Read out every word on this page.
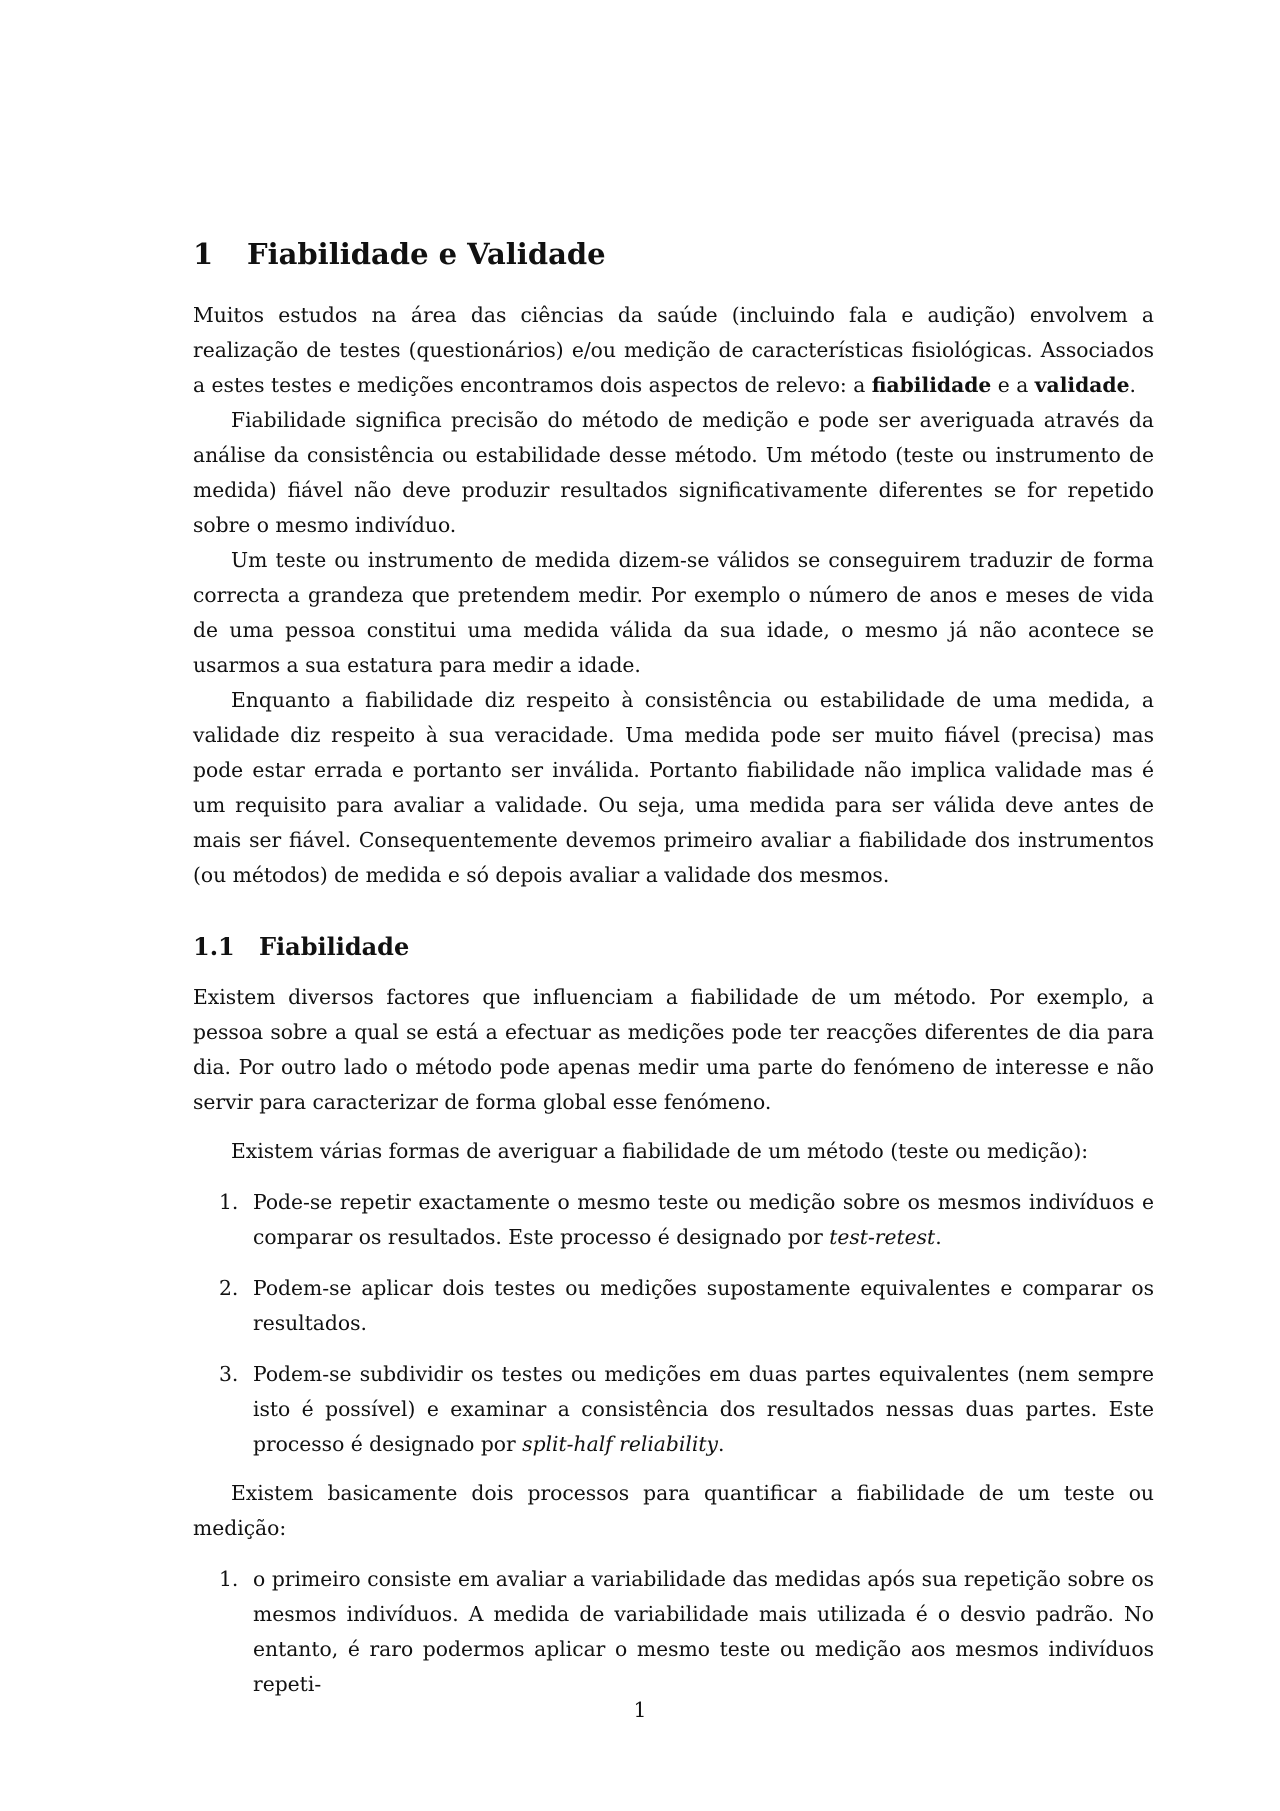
1 Fiabilidade e Validade

Muitos estudos na área das ciências da saúde (incluindo fala e audição) envolvem a realização de testes (questionários) e/ou medição de características fisiológicas. Associados a estes testes e medições encontramos dois aspectos de relevo: a fiabilidade e a validade.

Fiabilidade significa precisão do método de medição e pode ser averiguada através da análise da consistência ou estabilidade desse método. Um método (teste ou instrumento de medida) fiável não deve produzir resultados significativamente diferentes se for repetido sobre o mesmo indivíduo.

Um teste ou instrumento de medida dizem-se válidos se conseguirem traduzir de forma correcta a grandeza que pretendem medir. Por exemplo o número de anos e meses de vida de uma pessoa constitui uma medida válida da sua idade, o mesmo já não acontece se usarmos a sua estatura para medir a idade.

Enquanto a fiabilidade diz respeito à consistência ou estabilidade de uma medida, a validade diz respeito à sua veracidade. Uma medida pode ser muito fiável (precisa) mas pode estar errada e portanto ser inválida. Portanto fiabilidade não implica validade mas é um requisito para avaliar a validade. Ou seja, uma medida para ser válida deve antes de mais ser fiável. Consequentemente devemos primeiro avaliar a fiabilidade dos instrumentos (ou métodos) de medida e só depois avaliar a validade dos mesmos.

1.1 Fiabilidade

Existem diversos factores que influenciam a fiabilidade de um método. Por exemplo, a pessoa sobre a qual se está a efectuar as medições pode ter reacções diferentes de dia para dia. Por outro lado o método pode apenas medir uma parte do fenómeno de interesse e não servir para caracterizar de forma global esse fenómeno.

Existem várias formas de averiguar a fiabilidade de um método (teste ou medição):

1. Pode-se repetir exactamente o mesmo teste ou medição sobre os mesmos indivíduos e comparar os resultados. Este processo é designado por test-retest.
2. Podem-se aplicar dois testes ou medições supostamente equivalentes e comparar os resultados.
3. Podem-se subdividir os testes ou medições em duas partes equivalentes (nem sempre isto é possível) e examinar a consistência dos resultados nessas duas partes. Este processo é designado por split-half reliability.

Existem basicamente dois processos para quantificar a fiabilidade de um teste ou medição:

1. o primeiro consiste em avaliar a variabilidade das medidas após sua repetição sobre os mesmos indivíduos. A medida de variabilidade mais utilizada é o desvio padrão. No entanto, é raro podermos aplicar o mesmo teste ou medição aos mesmos indivíduos repeti-
1
